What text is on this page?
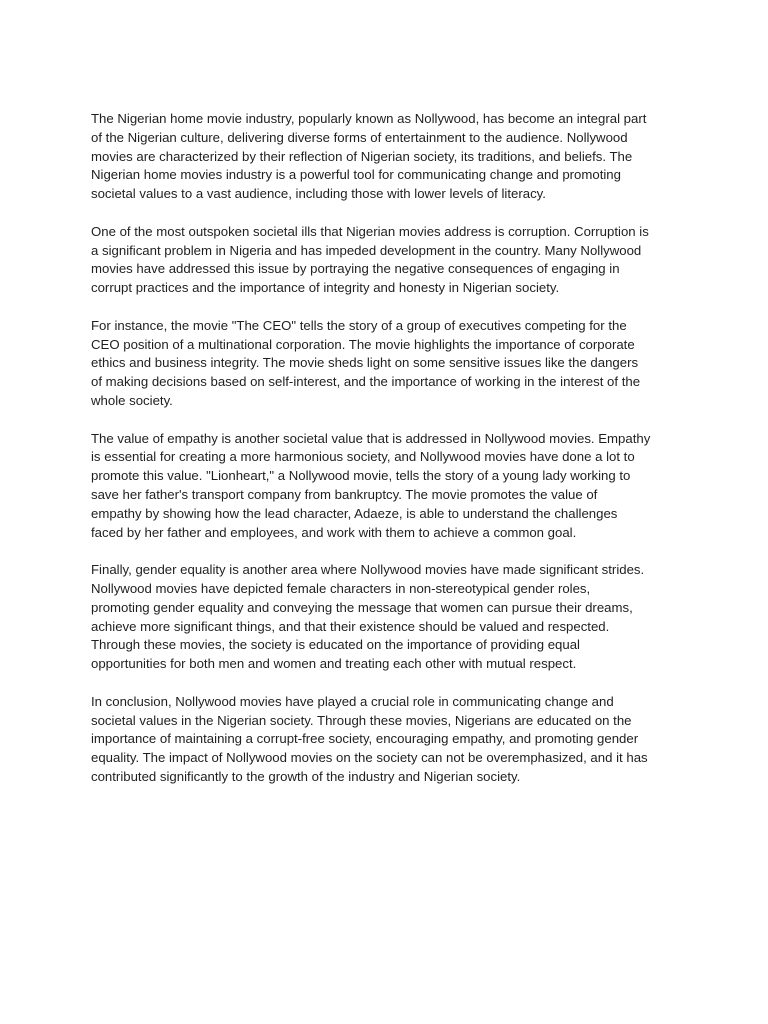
The Nigerian home movie industry, popularly known as Nollywood, has become an integral part
of the Nigerian culture, delivering diverse forms of entertainment to the audience. Nollywood
movies are characterized by their reflection of Nigerian society, its traditions, and beliefs. The
Nigerian home movies industry is a powerful tool for communicating change and promoting
societal values to a vast audience, including those with lower levels of literacy.

One of the most outspoken societal ills that Nigerian movies address is corruption. Corruption is
a significant problem in Nigeria and has impeded development in the country. Many Nollywood
movies have addressed this issue by portraying the negative consequences of engaging in
corrupt practices and the importance of integrity and honesty in Nigerian society.

For instance, the movie "The CEO" tells the story of a group of executives competing for the
CEO position of a multinational corporation. The movie highlights the importance of corporate
ethics and business integrity. The movie sheds light on some sensitive issues like the dangers
of making decisions based on self-interest, and the importance of working in the interest of the
whole society.

The value of empathy is another societal value that is addressed in Nollywood movies. Empathy
is essential for creating a more harmonious society, and Nollywood movies have done a lot to
promote this value. "Lionheart," a Nollywood movie, tells the story of a young lady working to
save her father's transport company from bankruptcy. The movie promotes the value of
empathy by showing how the lead character, Adaeze, is able to understand the challenges
faced by her father and employees, and work with them to achieve a common goal.

Finally, gender equality is another area where Nollywood movies have made significant strides.
Nollywood movies have depicted female characters in non-stereotypical gender roles,
promoting gender equality and conveying the message that women can pursue their dreams,
achieve more significant things, and that their existence should be valued and respected.
Through these movies, the society is educated on the importance of providing equal
opportunities for both men and women and treating each other with mutual respect.

In conclusion, Nollywood movies have played a crucial role in communicating change and
societal values in the Nigerian society. Through these movies, Nigerians are educated on the
importance of maintaining a corrupt-free society, encouraging empathy, and promoting gender
equality. The impact of Nollywood movies on the society can not be overemphasized, and it has
contributed significantly to the growth of the industry and Nigerian society.
